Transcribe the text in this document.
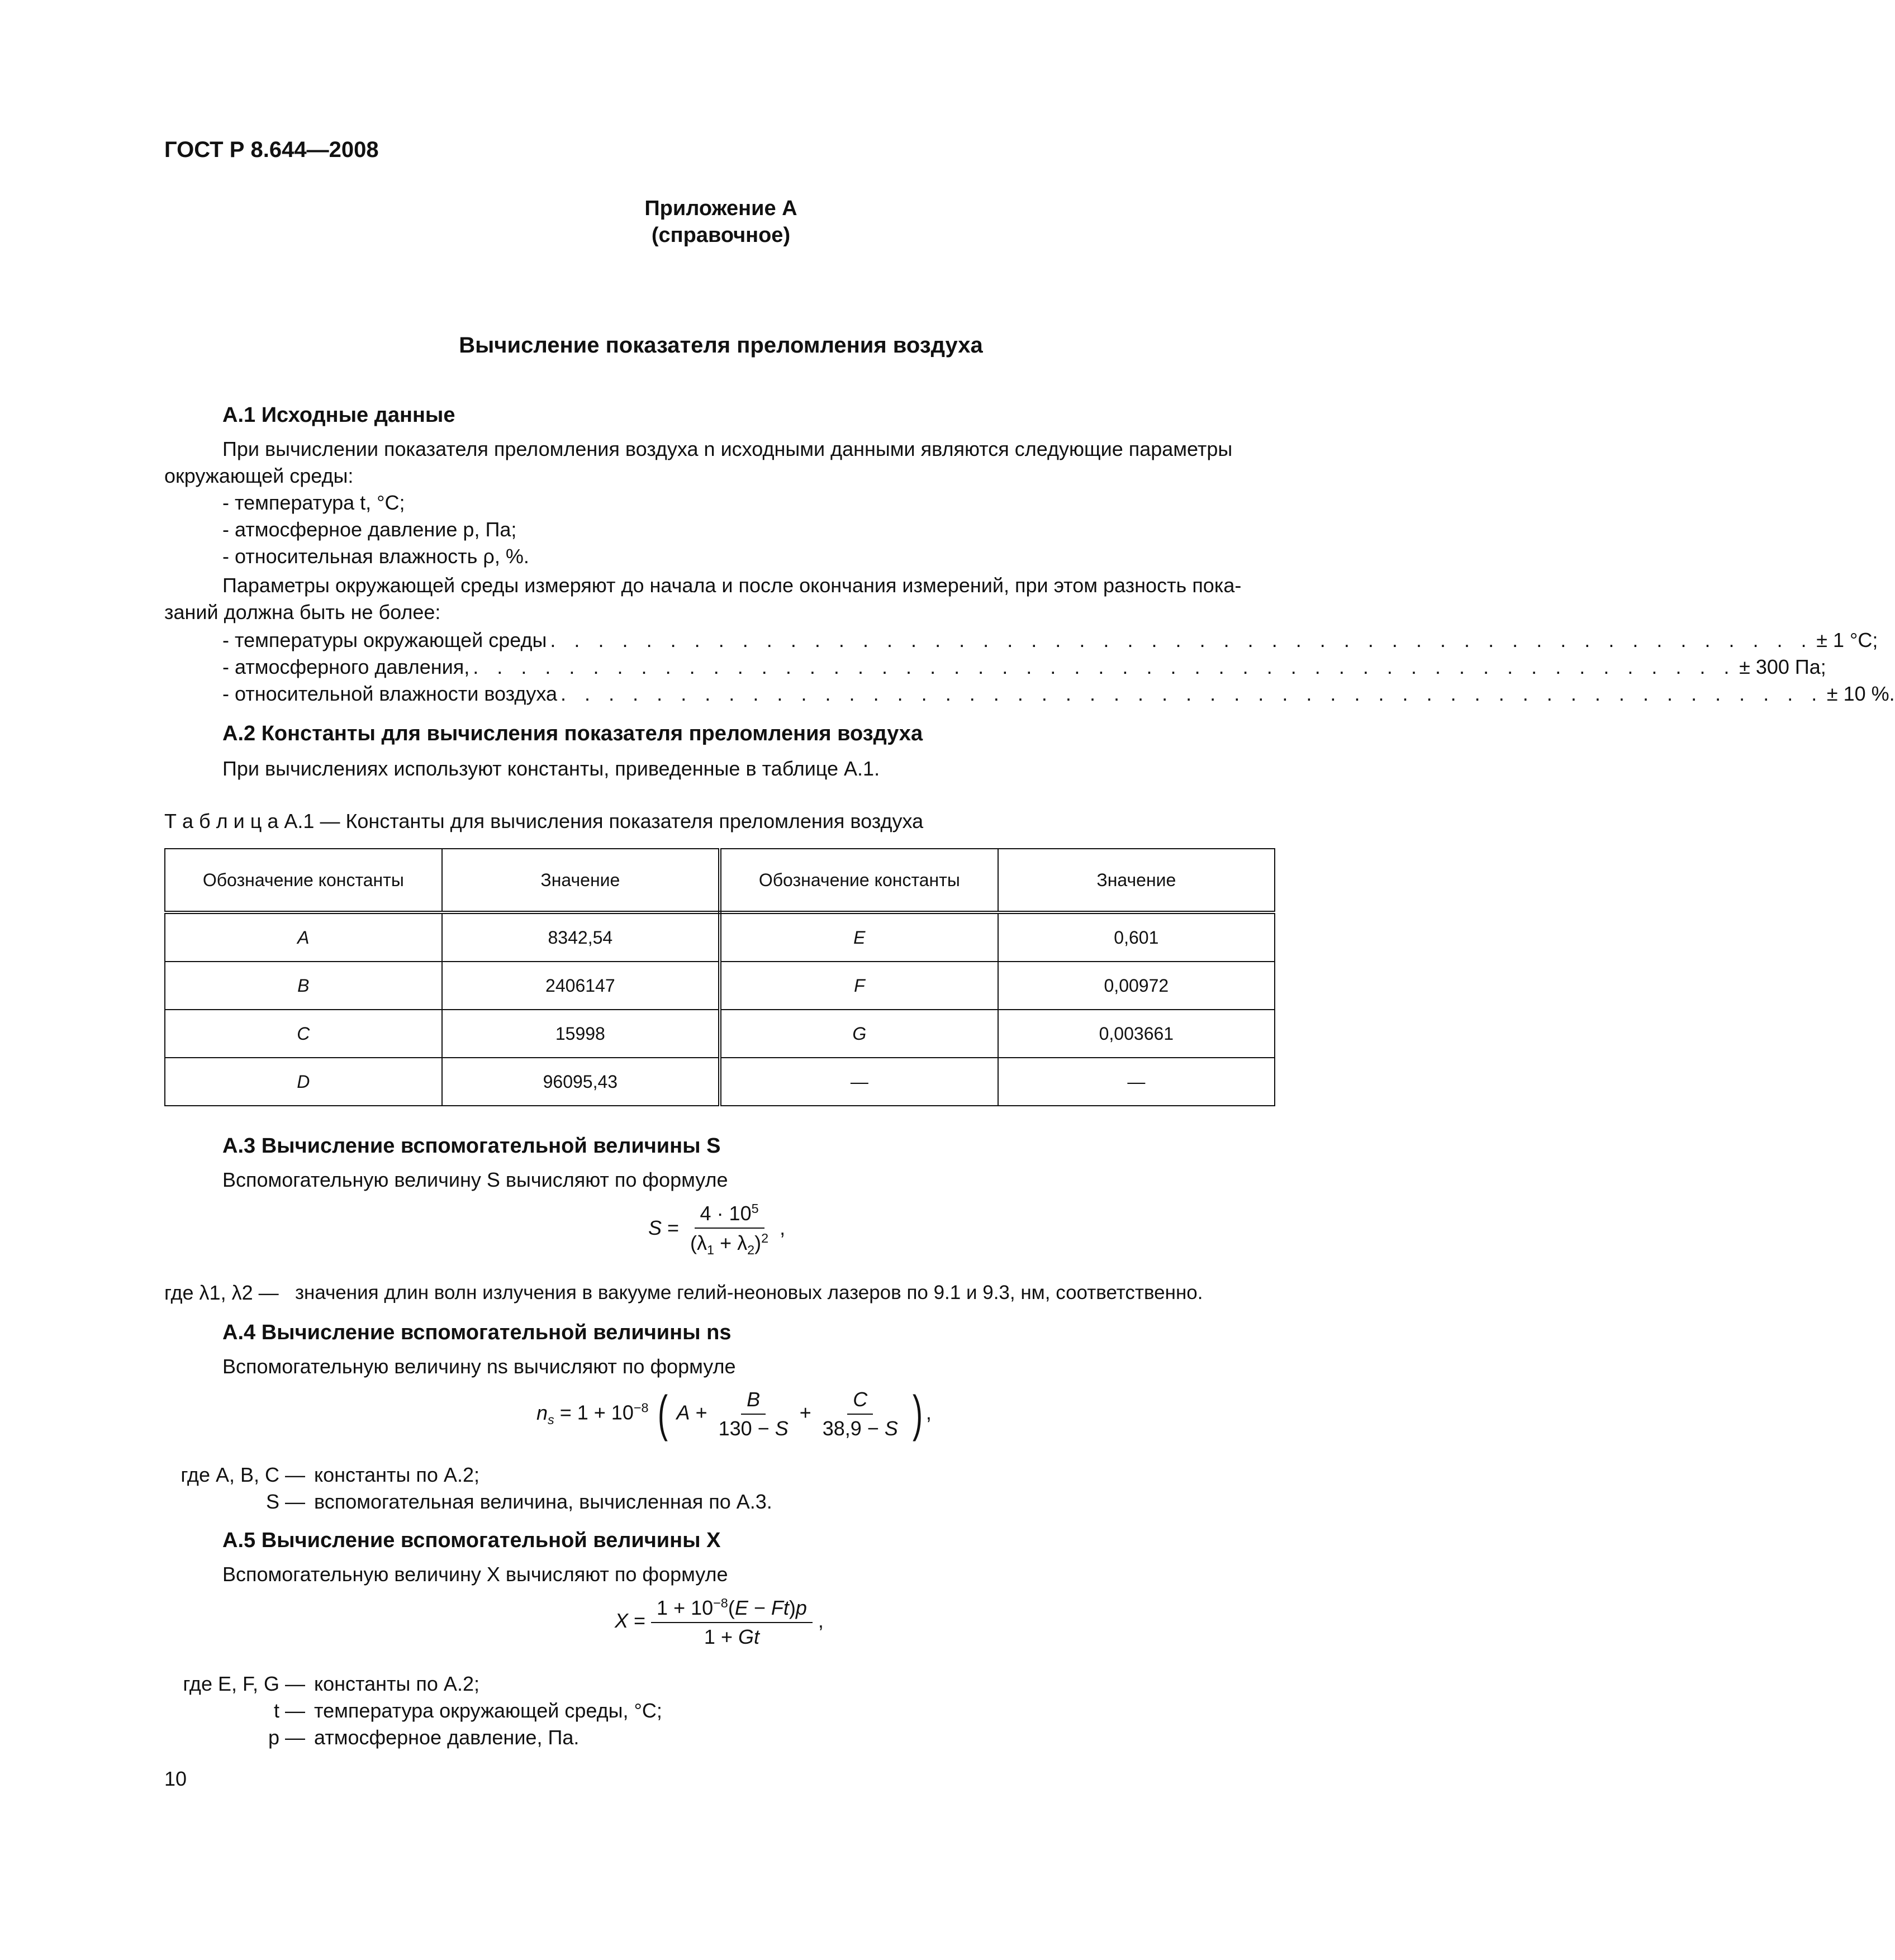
ГОСТ Р 8.644—2008
Приложение А
(справочное)
Вычисление показателя преломления воздуха
А.1 Исходные данные
При вычислении показателя преломления воздуха n исходными данными являются следующие параметры
окружающей среды:
- температура t, °С;
- атмосферное давление p, Па;
- относительная влажность ρ, %.
Параметры окружающей среды измеряют до начала и после окончания измерений, при этом разность пока-
заний должна быть не более:
- температуры окружающей среды . . . . . . . . . . . . . . . . . . . . . . . . . . . . . . . . . . . . . . . . . . . . . . . . . . . . . ± 1 °С;
- атмосферного давления, . . . . . . . . . . . . . . . . . . . . . . . . . . . . . . . . . . . . . . . . . . . . . . . . . . . . . ± 300 Па;
- относительной влажности воздуха . . . . . . . . . . . . . . . . . . . . . . . . . . . . . . . . . . . . . . . . . . . . . . . . . . . . . ± 10 %.
А.2 Константы для вычисления показателя преломления воздуха
При вычислениях используют константы, приведенные в таблице А.1.
Т а б л и ц а А.1 — Константы для вычисления показателя преломления воздуха
Обозначение константы	Значение	Обозначение константы	Значение
A	8342,54	E	0,601
B	2406147	F	0,00972
C	15998	G	0,003661
D	96095,43	—	—
А.3 Вычисление вспомогательной величины S
Вспомогательную величину S вычисляют по формуле
$S = \frac{4 \cdot 10^5}{(\lambda_1 + \lambda_2)^2}$ ,
где λ1, λ2 — значения длин волн излучения в вакууме гелий-неоновых лазеров по 9.1 и 9.3, нм, соответственно.
А.4 Вычисление вспомогательной величины ns
Вспомогательную величину ns вычисляют по формуле
$n_s = 1 + 10^{-8}$ ( $A + \frac{B}{130 - S} + \frac{C}{38,9 - S}$ ) ,
где A, B, C — константы по А.2;
S — вспомогательная величина, вычисленная по А.3.
А.5 Вычисление вспомогательной величины X
Вспомогательную величину X вычисляют по формуле
$X = \frac{1 + 10^{-8}(E - Ft)p}{1 + Gt}$ ,
где E, F, G — константы по А.2;
t — температура окружающей среды, °С;
p — атмосферное давление, Па.
10
